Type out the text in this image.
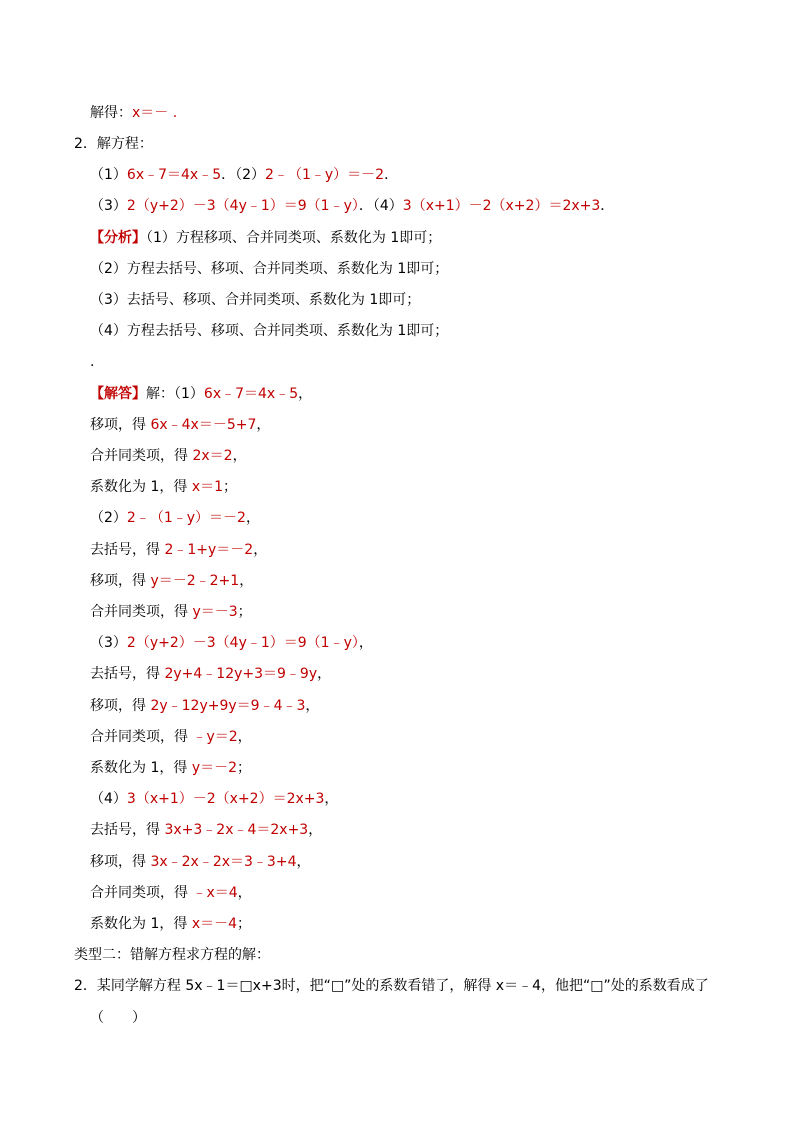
解得：x＝－ .
2．解方程：
（1）6x﹣7＝4x﹣5．（2）2﹣（1﹣y）＝－2．
（3）2（y+2）－3（4y﹣1）＝9（1﹣y）．（4）3（x+1）－2（x+2）＝2x+3．
【分析】（1）方程移项、合并同类项、系数化为 1即可；
（2）方程去括号、移项、合并同类项、系数化为 1即可；
（3）去括号、移项、合并同类项、系数化为 1即可；
（4）方程去括号、移项、合并同类项、系数化为 1即可；
.
【解答】解：（1）6x﹣7＝4x﹣5，
移项，得 6x﹣4x＝－5+7，
合并同类项，得 2x＝2，
系数化为 1，得 x＝1；
（2）2﹣（1﹣y）＝－2，
去括号，得 2﹣1+y＝－2，
移项，得 y＝－2﹣2+1，
合并同类项，得 y＝－3；
（3）2（y+2）－3（4y﹣1）＝9（1﹣y），
去括号，得 2y+4﹣12y+3＝9﹣9y，
移项，得 2y﹣12y+9y＝9﹣4﹣3，
合并同类项，得 ﹣y＝2，
系数化为 1，得 y＝－2；
（4）3（x+1）－2（x+2）＝2x+3，
去括号，得 3x+3﹣2x﹣4＝2x+3，
移项，得 3x﹣2x﹣2x＝3﹣3+4，
合并同类项，得 ﹣x＝4，
系数化为 1，得 x＝－4；
类型二：错解方程求方程的解：
2．某同学解方程 5x﹣1＝□x+3时，把“□”处的系数看错了，解得 x＝﹣4，他把“□”处的系数看成了
（　　）
